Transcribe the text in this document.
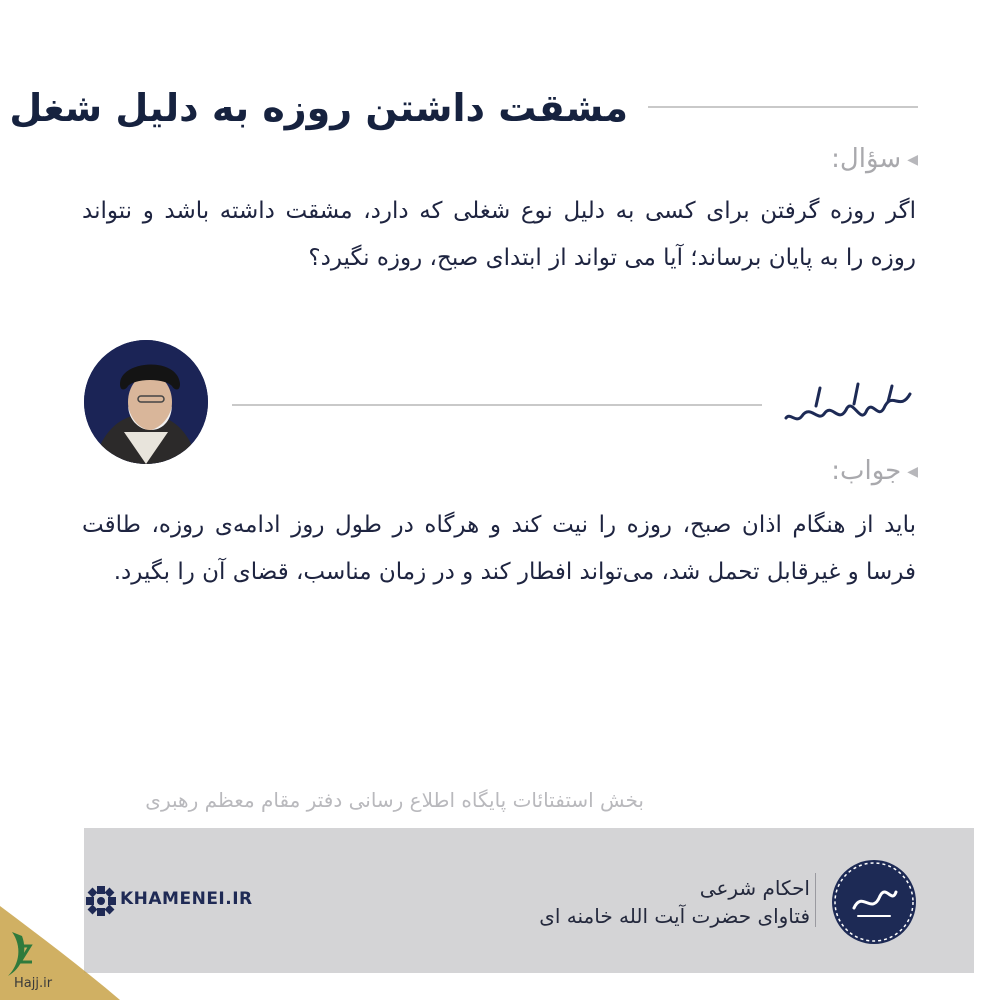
مشقت داشتن روزه به دلیل شغل
◀سؤال:
اگر روزه گرفتن برای کسی به دلیل نوع شغلی که دارد، مشقت داشته باشد و نتواند روزه را به پایان برساند؛ آیا می تواند از ابتدای صبح، روزه نگیرد؟
◀جواب:
باید از هنگام اذان صبح، روزه را نیت کند و هرگاه در طول روز ادامه‌ی روزه، طاقت فرسا و غیرقابل تحمل شد، می‌تواند افطار کند و در زمان مناسب، قضای آن را بگیرد.
بخش استفتائات پایگاه اطلاع رسانی دفتر مقام معظم رهبری
احکام شرعی
فتاوای حضرت آیت الله خامنه ای
KHAMENEI.IR
Hajj.ir
